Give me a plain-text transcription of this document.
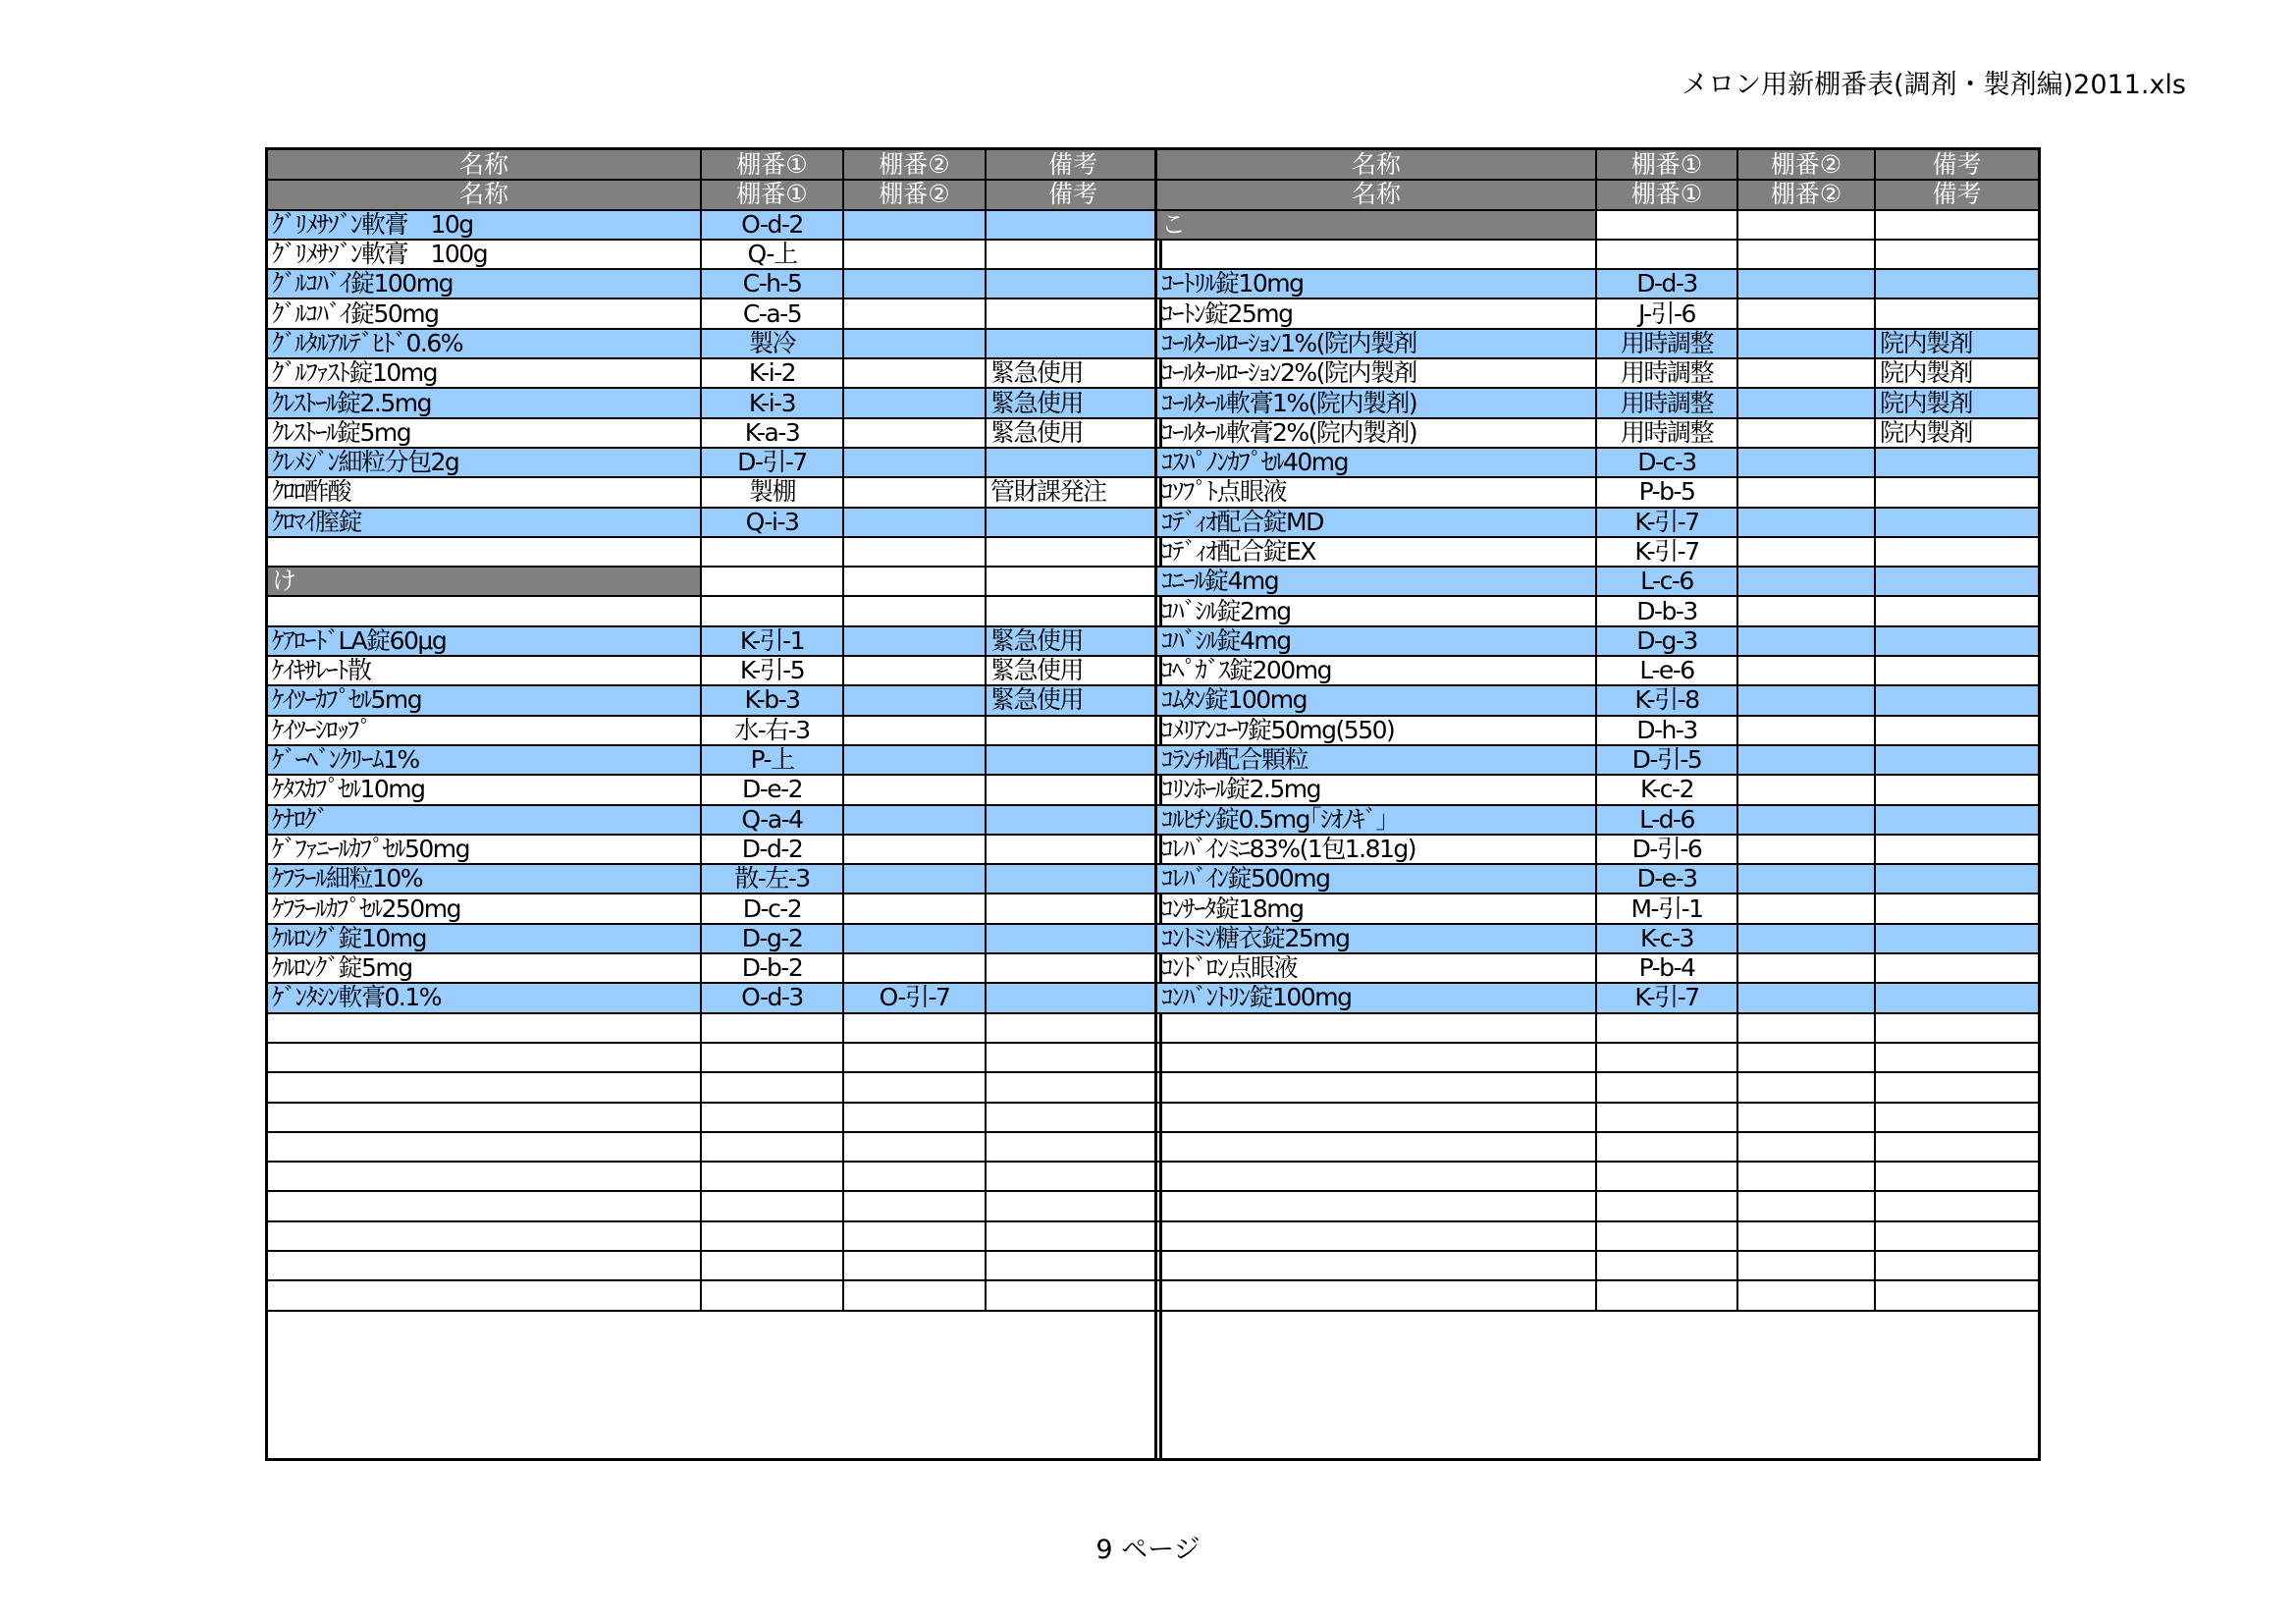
メロン用新棚番表(調剤・製剤編)2011.xls
名称	棚番①	棚番②	備考
名称	棚番①	棚番②	備考
ｸﾞﾘﾒｻｿﾞﾝ軟膏　10g	O-d-2		
ｸﾞﾘﾒｻｿﾞﾝ軟膏　100g	Q-上		
ｸﾞﾙｺﾊﾞｲ錠100mg	C-h-5		
ｸﾞﾙｺﾊﾞｲ錠50mg	C-a-5		
ｸﾞﾙﾀﾙｱﾙﾃﾞﾋﾄﾞ0.6%	製冷		
ｸﾞﾙﾌｧｽﾄ錠10mg	K-i-2		緊急使用
ｸﾚｽﾄｰﾙ錠2.5mg	K-i-3		緊急使用
ｸﾚｽﾄｰﾙ錠5mg	K-a-3		緊急使用
ｸﾚﾒｼﾞﾝ細粒分包2g	D-引-7		
ｸﾛﾛ酢酸	製棚		管財課発注
ｸﾛﾏｲ膣錠	Q-i-3		

け			

ｹｱﾛｰﾄﾞLA錠60μg	K-引-1		緊急使用
ｹｲｷｻﾚｰﾄ散	K-引-5		緊急使用
ｹｲﾂｰｶﾌﾟｾﾙ5mg	K-b-3		緊急使用
ｹｲﾂｰｼﾛｯﾌﾟ	水-右-3		
ｹﾞｰﾍﾞﾝｸﾘｰﾑ1%	P-上		
ｹﾀｽｶﾌﾟｾﾙ10mg	D-e-2		
ｹﾅﾛｸﾞ	Q-a-4		
ｹﾞﾌｧﾆｰﾙｶﾌﾟｾﾙ50mg	D-d-2		
ｹﾌﾗｰﾙ細粒10%	散-左-3		
ｹﾌﾗｰﾙｶﾌﾟｾﾙ250mg	D-c-2		
ｹﾙﾛﾝｸﾞ錠10mg	D-g-2		
ｹﾙﾛﾝｸﾞ錠5mg	D-b-2		
ｹﾞﾝﾀｼﾝ軟膏0.1%	O-d-3	O-引-7	

名称	棚番①	棚番②	備考
名称	棚番①	棚番②	備考
こ			

ｺｰﾄﾘﾙ錠10mg	D-d-3		
ｺｰﾄﾝ錠25mg	J-引-6		
ｺｰﾙﾀｰﾙﾛｰｼｮﾝ1%(院内製剤	用時調整		院内製剤
ｺｰﾙﾀｰﾙﾛｰｼｮﾝ2%(院内製剤	用時調整		院内製剤
ｺｰﾙﾀｰﾙ軟膏1%(院内製剤)	用時調整		院内製剤
ｺｰﾙﾀｰﾙ軟膏2%(院内製剤)	用時調整		院内製剤
ｺｽﾊﾟﾉﾝｶﾌﾟｾﾙ40mg	D-c-3		
ｺｿﾌﾟﾄ点眼液	P-b-5		
ｺﾃﾞｨｵ配合錠MD	K-引-7		
ｺﾃﾞｨｵ配合錠EX	K-引-7		
ｺﾆｰﾙ錠4mg	L-c-6		
ｺﾊﾞｼﾙ錠2mg	D-b-3		
ｺﾊﾞｼﾙ錠4mg	D-g-3		
ｺﾍﾟｶﾞｽ錠200mg	L-e-6		
ｺﾑﾀﾝ錠100mg	K-引-8		
ｺﾒﾘｱﾝｺｰﾜ錠50mg(550)	D-h-3		
ｺﾗﾝﾁﾙ配合顆粒	D-引-5		
ｺﾘﾝﾎｰﾙ錠2.5mg	K-c-2		
ｺﾙﾋﾁﾝ錠0.5mg｢ｼｵﾉｷﾞ｣	L-d-6		
ｺﾚﾊﾞｲﾝﾐﾆ83%(1包1.81g)	D-引-6		
ｺﾚﾊﾞｲﾝ錠500mg	D-e-3		
ｺﾝｻｰﾀ錠18mg	M-引-1		
ｺﾝﾄﾐﾝ糖衣錠25mg	K-c-3		
ｺﾝﾄﾞﾛﾝ点眼液	P-b-4		
ｺﾝﾊﾞﾝﾄﾘﾝ錠100mg	K-引-7		

9 ページ
